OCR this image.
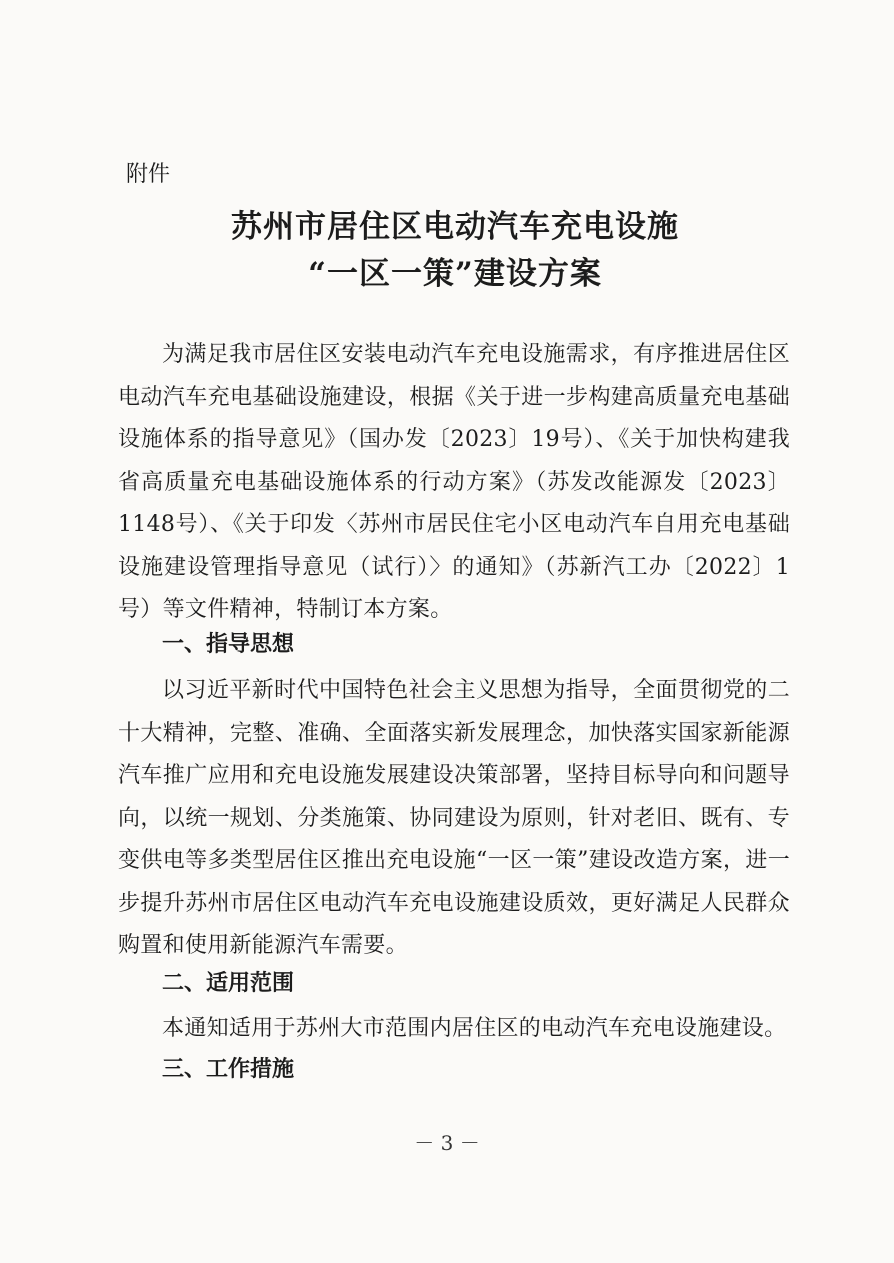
附件
苏州市居住区电动汽车充电设施
“一区一策”建设方案

为满足我市居住区安装电动汽车充电设施需求，有序推进居住区电动汽车充电基础设施建设，根据《关于进一步构建高质量充电基础设施体系的指导意见》（国办发〔2023〕19号）、《关于加快构建我省高质量充电基础设施体系的行动方案》（苏发改能源发〔2023〕1148号）、《关于印发〈苏州市居民住宅小区电动汽车自用充电基础设施建设管理指导意见（试行）〉的通知》（苏新汽工办〔2022〕1号）等文件精神，特制订本方案。

一、指导思想

以习近平新时代中国特色社会主义思想为指导，全面贯彻党的二十大精神，完整、准确、全面落实新发展理念，加快落实国家新能源汽车推广应用和充电设施发展建设决策部署，坚持目标导向和问题导向，以统一规划、分类施策、协同建设为原则，针对老旧、既有、专变供电等多类型居住区推出充电设施“一区一策”建设改造方案，进一步提升苏州市居住区电动汽车充电设施建设质效，更好满足人民群众购置和使用新能源汽车需要。

二、适用范围

本通知适用于苏州大市范围内居住区的电动汽车充电设施建设。

三、工作措施
－ 3 －
